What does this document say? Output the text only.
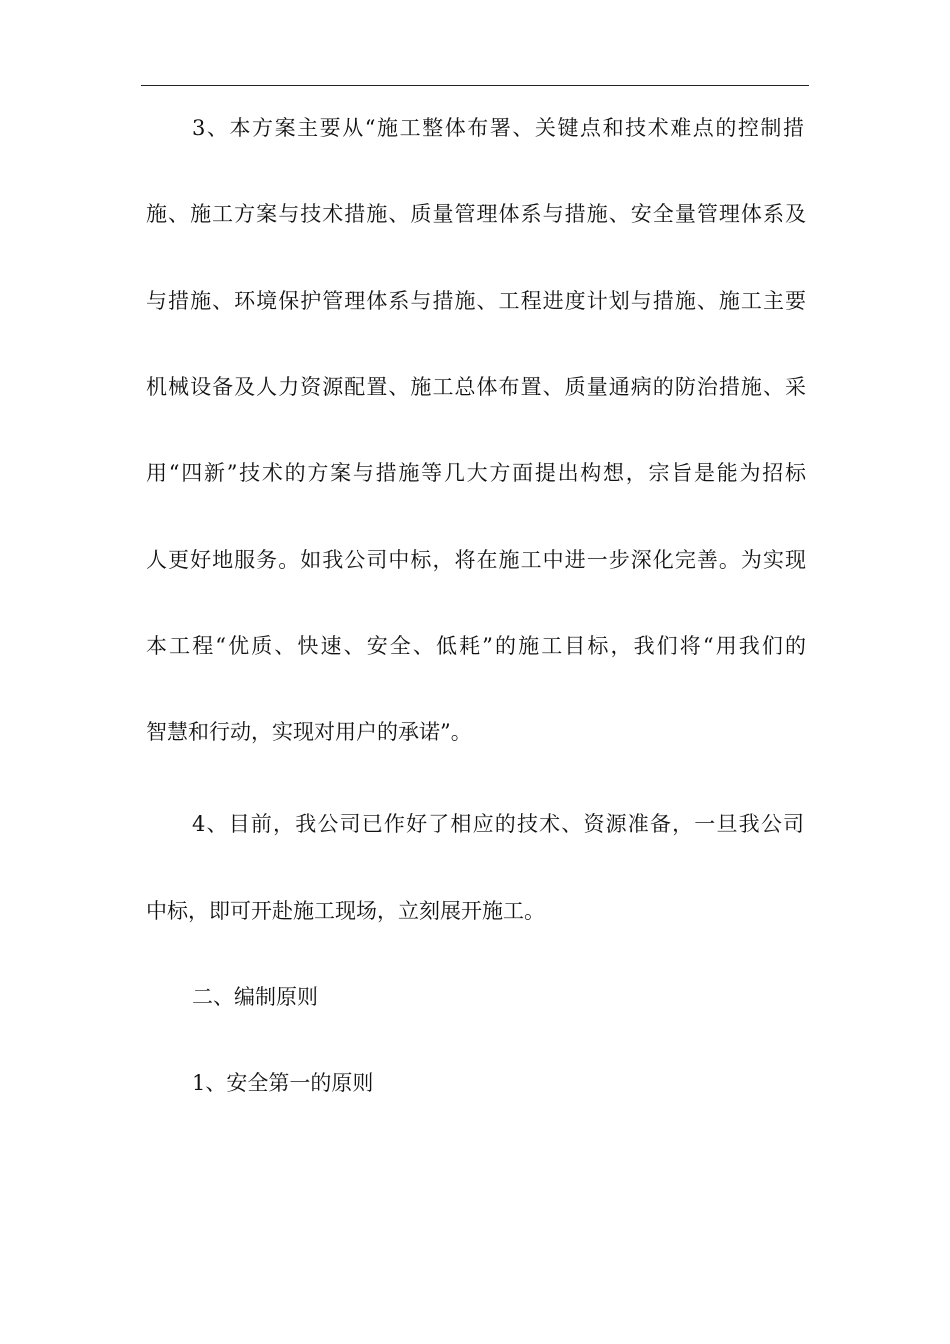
3、本方案主要从“施工整体布署、关键点和技术难点的控制措
施、施工方案与技术措施、质量管理体系与措施、安全量管理体系及
与措施、环境保护管理体系与措施、工程进度计划与措施、施工主要
机械设备及人力资源配置、施工总体布置、质量通病的防治措施、采
用“四新”技术的方案与措施等几大方面提出构想，宗旨是能为招标
人更好地服务。如我公司中标，将在施工中进一步深化完善。为实现
本工程“优质、快速、安全、低耗”的施工目标，我们将“用我们的
智慧和行动，实现对用户的承诺”。
4、目前，我公司已作好了相应的技术、资源准备，一旦我公司
中标，即可开赴施工现场，立刻展开施工。
二、编制原则
1、安全第一的原则
